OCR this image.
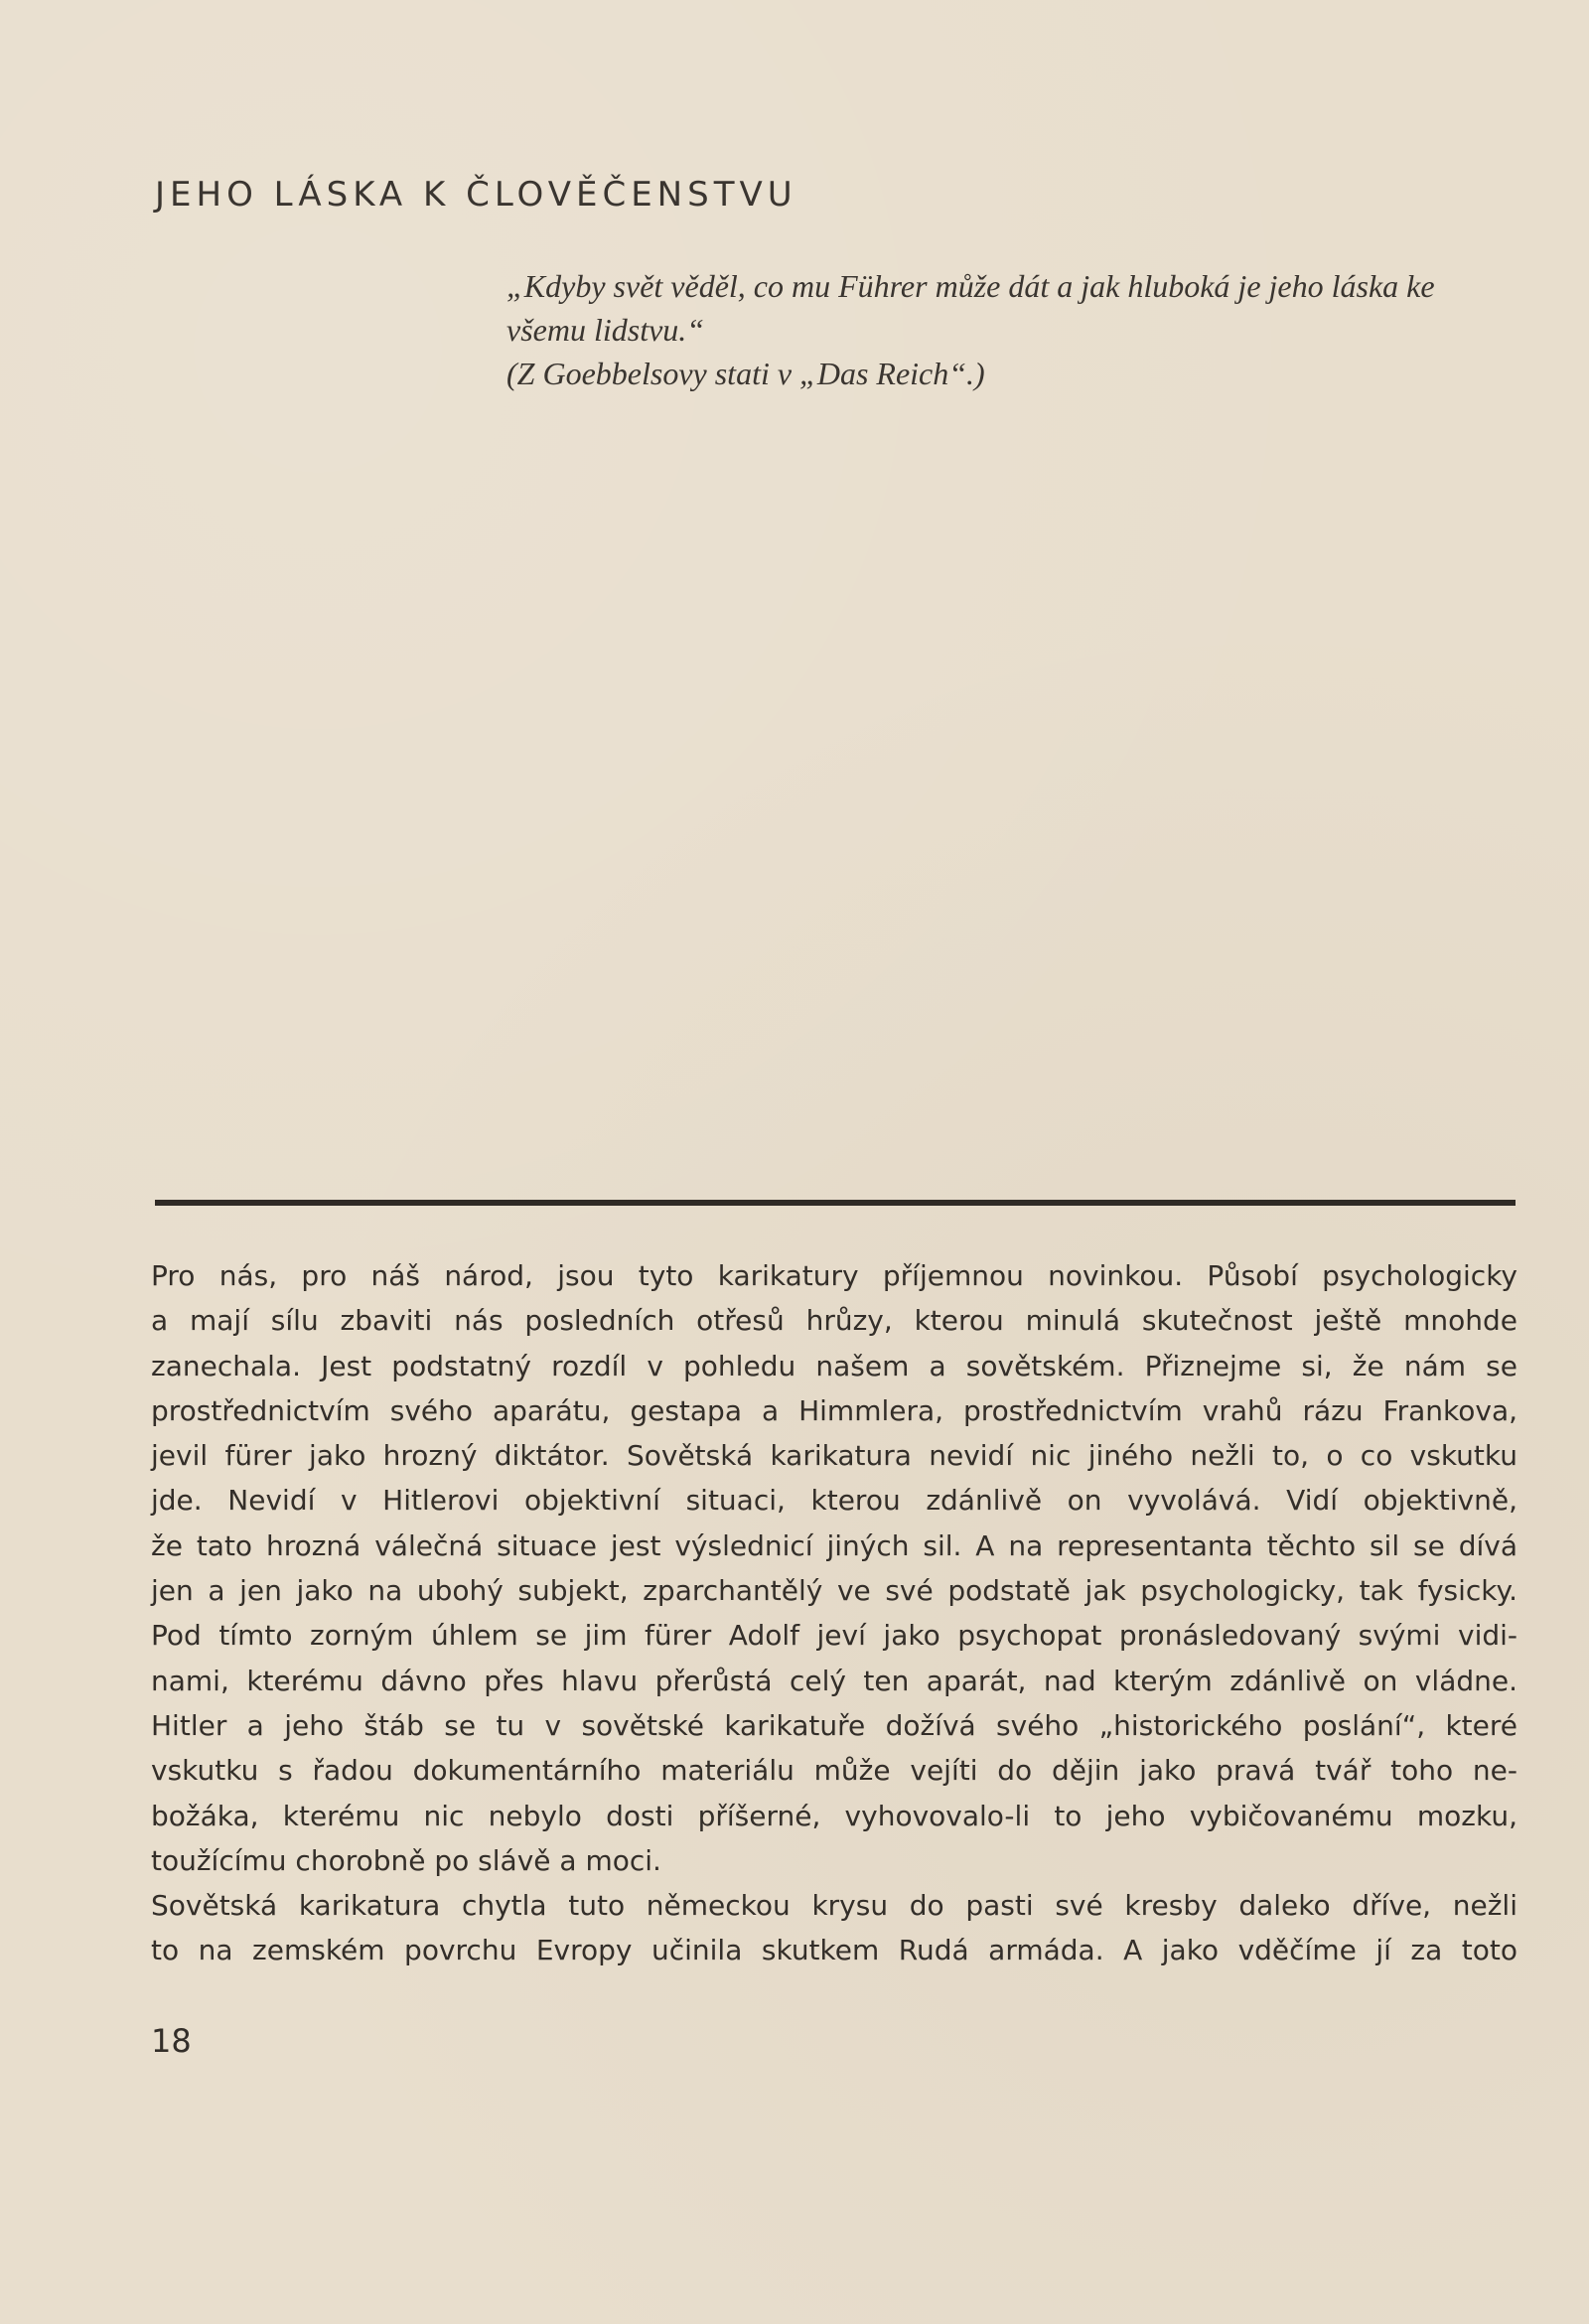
JEHO LÁSKA K ČLOVĚČENSTVU
„Kdyby svět věděl, co mu Führer může dát a jak hluboká je jeho láska ke
všemu lidstvu.“
(Z Goebbelsovy stati v „Das Reich“.)
Pro nás, pro náš národ, jsou tyto karikatury příjemnou novinkou. Působí psychologicky
a mají sílu zbaviti nás posledních otřesů hrůzy, kterou minulá skutečnost ještě mnohde
zanechala. Jest podstatný rozdíl v pohledu našem a sovětském. Přiznejme si, že nám se
prostřednictvím svého aparátu, gestapa a Himmlera, prostřednictvím vrahů rázu Frankova,
jevil fürer jako hrozný diktátor. Sovětská karikatura nevidí nic jiného nežli to, o co vskutku
jde. Nevidí v Hitlerovi objektivní situaci, kterou zdánlivě on vyvolává. Vidí objektivně,
že tato hrozná válečná situace jest výslednicí jiných sil. A na representanta těchto sil se dívá
jen a jen jako na ubohý subjekt, zparchantělý ve své podstatě jak psychologicky, tak fysicky.
Pod tímto zorným úhlem se jim fürer Adolf jeví jako psychopat pronásledovaný svými vidi-
nami, kterému dávno přes hlavu přerůstá celý ten aparát, nad kterým zdánlivě on vládne.
Hitler a jeho štáb se tu v sovětské karikatuře dožívá svého „historického poslání“, které
vskutku s řadou dokumentárního materiálu může vejíti do dějin jako pravá tvář toho ne-
božáka, kterému nic nebylo dosti příšerné, vyhovovalo-li to jeho vybičovanému mozku,
toužícímu chorobně po slávě a moci.
Sovětská karikatura chytla tuto německou krysu do pasti své kresby daleko dříve, nežli
to na zemském povrchu Evropy učinila skutkem Rudá armáda. A jako vděčíme jí za toto
18
